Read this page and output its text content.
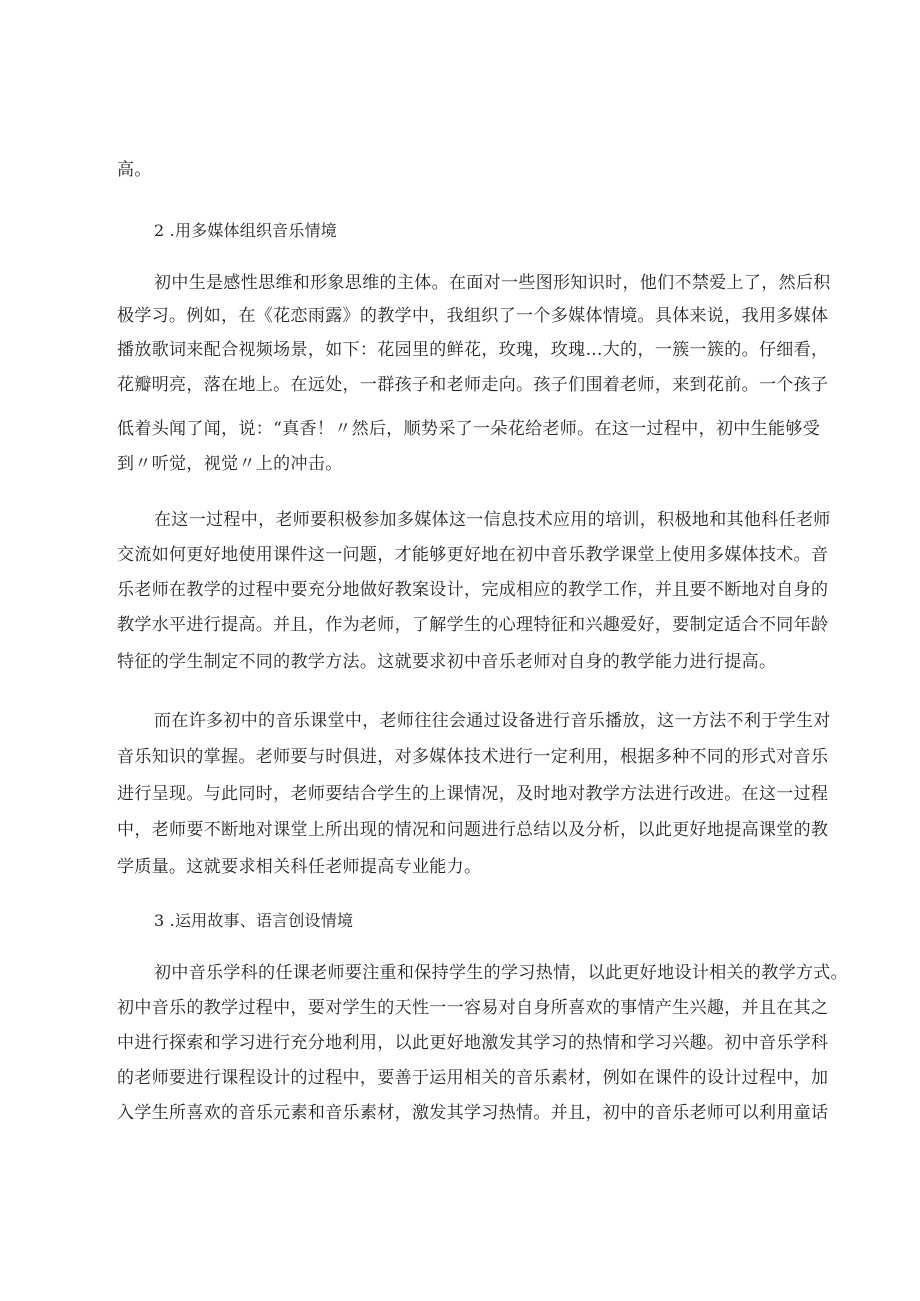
高。
2 .用多媒体组织音乐情境
初中生是感性思维和形象思维的主体。在面对一些图形知识时，他们不禁爱上了，然后积
极学习。例如，在《花恋雨露》的教学中，我组织了一个多媒体情境。具体来说，我用多媒体
播放歌词来配合视频场景，如下：花园里的鲜花，玫瑰，玫瑰…大的，一簇一簇的。仔细看，
花瓣明亮，落在地上。在远处，一群孩子和老师走向。孩子们围着老师，来到花前。一个孩子
低着头闻了闻，说：“真香！〃然后，顺势采了一朵花给老师。在这一过程中，初中生能够受
到〃听觉，视觉〃上的冲击。
在这一过程中，老师要积极参加多媒体这一信息技术应用的培训，积极地和其他科任老师
交流如何更好地使用课件这一问题，才能够更好地在初中音乐教学课堂上使用多媒体技术。音
乐老师在教学的过程中要充分地做好教案设计，完成相应的教学工作，并且要不断地对自身的
教学水平进行提高。并且，作为老师，了解学生的心理特征和兴趣爱好，要制定适合不同年龄
特征的学生制定不同的教学方法。这就要求初中音乐老师对自身的教学能力进行提高。
而在许多初中的音乐课堂中，老师往往会通过设备进行音乐播放，这一方法不利于学生对
音乐知识的掌握。老师要与时俱进，对多媒体技术进行一定利用，根据多种不同的形式对音乐
进行呈现。与此同时，老师要结合学生的上课情况，及时地对教学方法进行改进。在这一过程
中，老师要不断地对课堂上所出现的情况和问题进行总结以及分析，以此更好地提高课堂的教
学质量。这就要求相关科任老师提高专业能力。
3 .运用故事、语言创设情境
初中音乐学科的任课老师要注重和保持学生的学习热情，以此更好地设计相关的教学方式。
初中音乐的教学过程中，要对学生的天性一一容易对自身所喜欢的事情产生兴趣，并且在其之
中进行探索和学习进行充分地利用，以此更好地激发其学习的热情和学习兴趣。初中音乐学科
的老师要进行课程设计的过程中，要善于运用相关的音乐素材，例如在课件的设计过程中，加
入学生所喜欢的音乐元素和音乐素材，激发其学习热情。并且，初中的音乐老师可以利用童话
